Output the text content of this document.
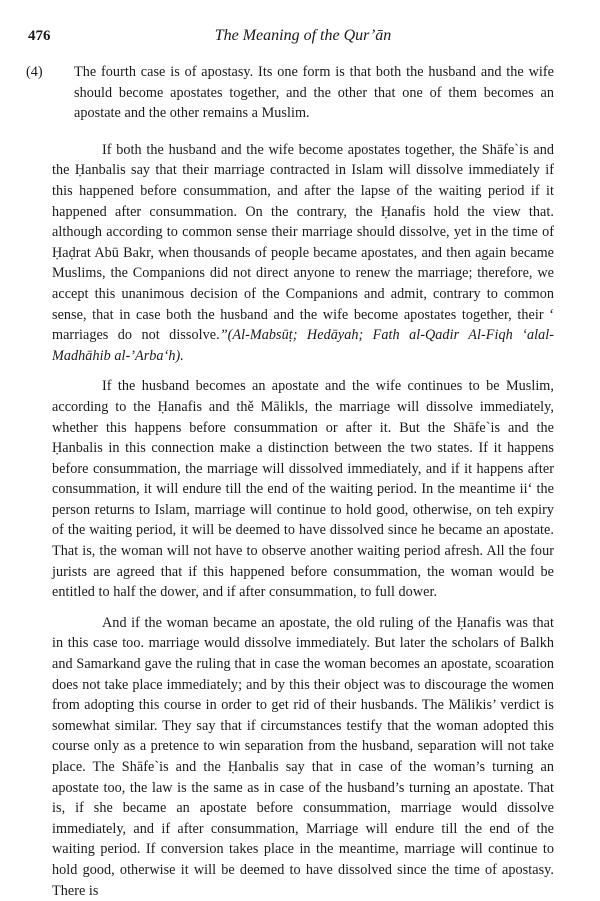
476	The Meaning of the Qur’ān
(4)	The fourth case is of apostasy. Its one form is that both the husband and the wife should become apostates together, and the other that one of them becomes an apostate and the other remains a Muslim.

If both the husband and the wife become apostates together, the Shāfe`is and the Ḥanbalis say that their marriage contracted in Islam will dissolve immediately if this happened before consummation, and after the lapse of the waiting period if it happened after consummation. On the contrary, the Ḥanafis hold the view that. although according to common sense their marriage should dissolve, yet in the time of Ḥaḍrat Abū Bakr, when thousands of people became apostates, and then again became Muslims, the Companions did not direct anyone to renew the marriage; therefore, we accept this unanimous decision of the Companions and admit, contrary to common sense, that in case both the husband and the wife become apostates together, their ‘ marriages do not dissolve.”(Al-Mabsūṭ; Hedāyah; Fath al-Qadir Al-Fiqh ‘alal-Madhāhib al-’Arba‘h).

If the husband becomes an apostate and the wife continues to be Muslim, according to the Ḥanafis and thě Mālikls, the marriage will dissolve immediately, whether this happens before consummation or after it. But the Shāfe`is and the Ḥanbalis in this connection make a distinction between the two states. If it happens before consummation, the marriage will dissolved immediately, and if it happens after consummation, it will endure till the end of the waiting period. In the meantime ii‘ the person returns to Islam, marriage will continue to hold good, otherwise, on teh expiry of the waiting period, it will be deemed to have dissolved since he became an apostate. That is, the woman will not have to observe another waiting period afresh. All the four jurists are agreed that if this happened before consummation, the woman would be entitled to half the dower, and if after consummation, to full dower.

And if the woman became an apostate, the old ruling of the Ḥanafis was that in this case too. marriage would dissolve immediately. But later the scholars of Balkh and Samarkand gave the ruling that in case the woman becomes an apostate, scoaration does not take place immediately; and by this their object was to discourage the women from adopting this course in order to get rid of their husbands. The Mālikis’ verdict is somewhat similar. They say that if circumstances testify that the woman adopted this course only as a pretence to win separation from the husband, separation will not take place. The Shāfe`is and the Ḥanbalis say that in case of the woman’s turning an apostate too, the law is the same as in case of the husband’s turning an apostate. That is, if she became an apostate before consummation, marriage would dissolve immediately, and if after consummation, Marriage will endure till the end of the waiting period. If conversion takes place in the meantime, marriage will continue to hold good, otherwise it will be deemed to have dissolved since the time of apostasy. There is
